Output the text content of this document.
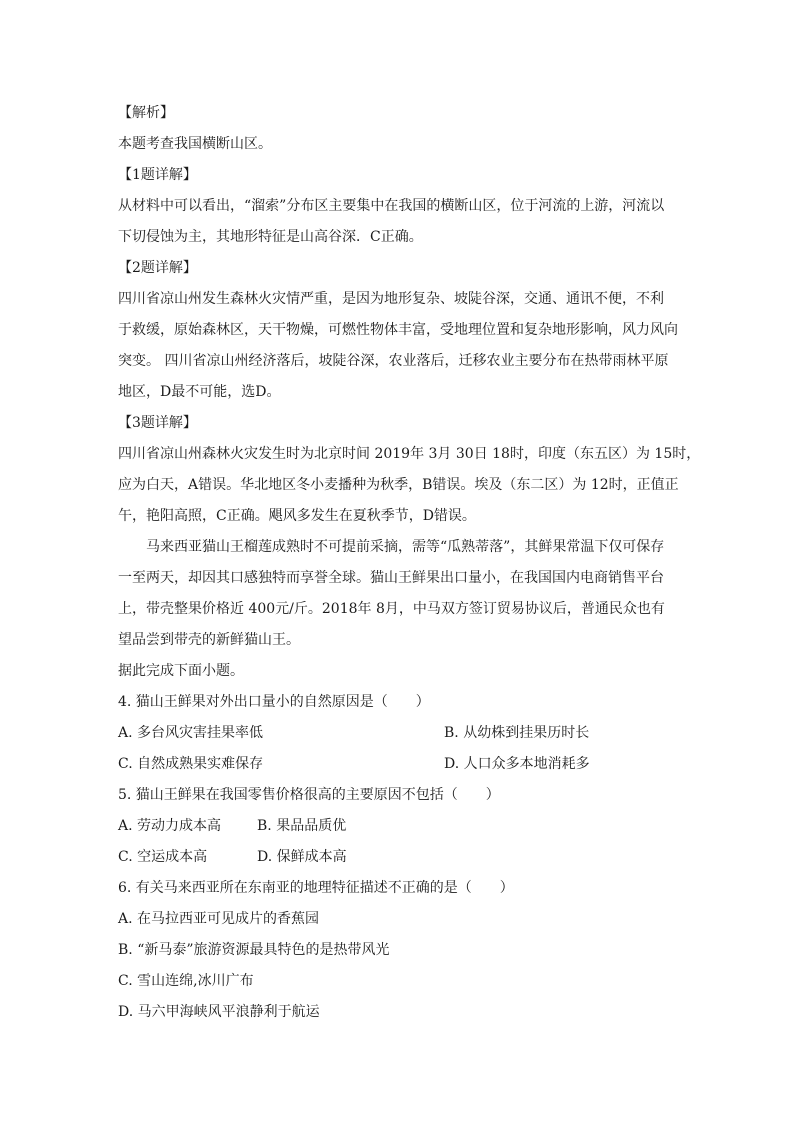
【解析】
本题考查我国横断山区。
【1题详解】
从材料中可以看出，“溜索”分布区主要集中在我国的横断山区，位于河流的上游，河流以
下切侵蚀为主，其地形特征是山高谷深．C正确。
【2题详解】
四川省凉山州发生森林火灾情严重，是因为地形复杂、坡陡谷深，交通、通讯不便，不利
于救缓，原始森林区，天干物燥，可燃性物体丰富，受地理位置和复杂地形影响，风力风向
突变。 四川省凉山州经济落后，坡陡谷深，农业落后，迁移农业主要分布在热带雨林平原
地区，D最不可能，选D。
【3题详解】
四川省凉山州森林火灾发生时为北京时间 2019年 3月 30日 18时，印度（东五区）为 15时，
应为白天，A错误。华北地区冬小麦播种为秋季，B错误。埃及（东二区）为 12时，正值正
午，艳阳高照，C正确。飓风多发生在夏秋季节，D错误。
马来西亚猫山王榴莲成熟时不可提前采摘，需等“瓜熟蒂落”，其鲜果常温下仅可保存
一至两天，却因其口感独特而享誉全球。猫山王鲜果出口量小，在我国国内电商销售平台
上，带壳整果价格近 400元/斤。2018年 8月，中马双方签订贸易协议后，普通民众也有
望品尝到带壳的新鲜猫山王。
据此完成下面小题。
4. 猫山王鲜果对外出口量小的自然原因是（　　）
A. 多台风灾害挂果率低	B. 从幼株到挂果历时长
C. 自然成熟果实难保存	D. 人口众多本地消耗多
5. 猫山王鲜果在我国零售价格很高的主要原因不包括（　　）
A. 劳动力成本高	B. 果品品质优
C. 空运成本高	D. 保鲜成本高
6. 有关马来西亚所在东南亚的地理特征描述不正确的是（　　）
A. 在马拉西亚可见成片的香蕉园
B. “新马泰”旅游资源最具特色的是热带风光
C. 雪山连绵,冰川广布
D. 马六甲海峡风平浪静利于航运
